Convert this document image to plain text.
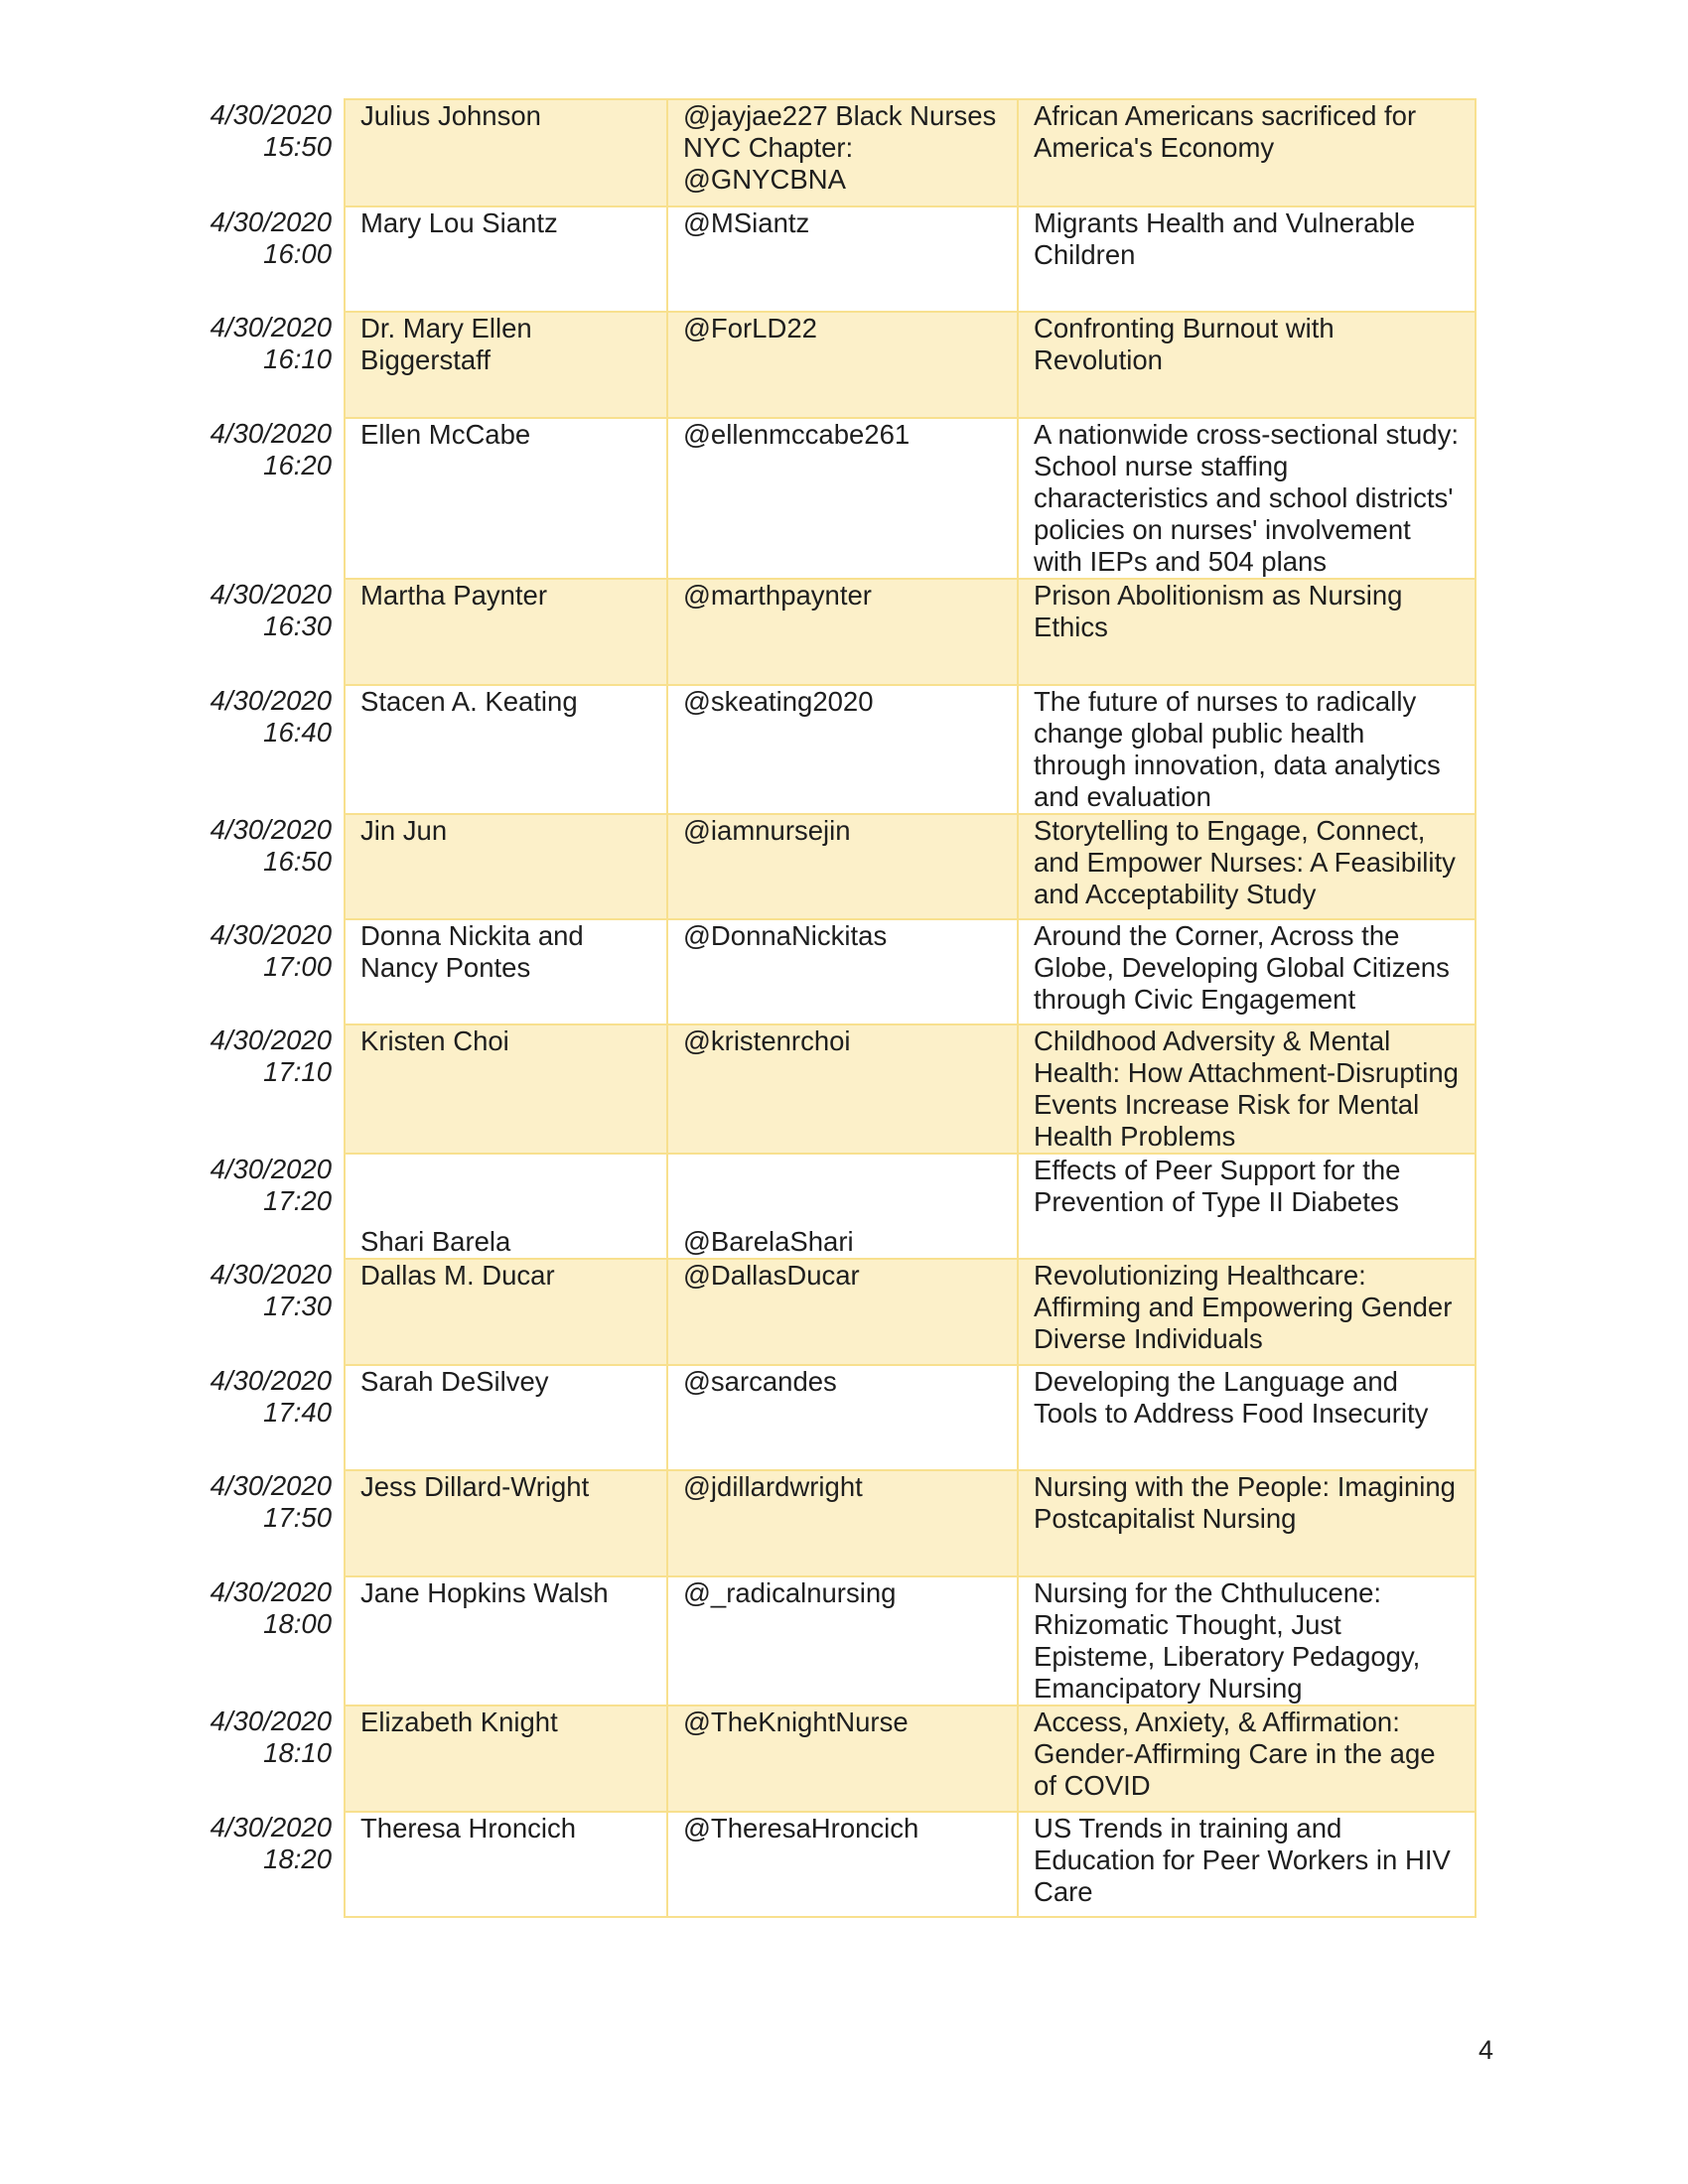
4/30/2020
15:50	Julius Johnson	@jayjae227 Black Nurses NYC Chapter: @GNYCBNA	African Americans sacrificed for America's Economy

4/30/2020
16:00	Mary Lou Siantz	@MSiantz	Migrants Health and Vulnerable Children

4/30/2020
16:10	Dr. Mary Ellen Biggerstaff	@ForLD22	Confronting Burnout with Revolution

4/30/2020
16:20	Ellen McCabe	@ellenmccabe261	A nationwide cross-sectional study: School nurse staffing characteristics and school districts' policies on nurses' involvement with IEPs and 504 plans

4/30/2020
16:30	Martha Paynter	@marthpaynter	Prison Abolitionism as Nursing Ethics

4/30/2020
16:40	Stacen A. Keating	@skeating2020	The future of nurses to radically change global public health through innovation, data analytics and evaluation

4/30/2020
16:50	Jin Jun	@iamnursejin	Storytelling to Engage, Connect, and Empower Nurses: A Feasibility and Acceptability Study

4/30/2020
17:00	Donna Nickita and Nancy Pontes	@DonnaNickitas	Around the Corner, Across the Globe, Developing Global Citizens through Civic Engagement

4/30/2020
17:10	Kristen Choi	@kristenrchoi	Childhood Adversity & Mental Health: How Attachment-Disrupting Events Increase Risk for Mental Health Problems

4/30/2020
17:20	Shari Barela	@BarelaShari	Effects of Peer Support for the Prevention of Type II Diabetes

4/30/2020
17:30	Dallas M. Ducar	@DallasDucar	Revolutionizing Healthcare: Affirming and Empowering Gender Diverse Individuals

4/30/2020
17:40	Sarah DeSilvey	@sarcandes	Developing the Language and Tools to Address Food Insecurity

4/30/2020
17:50	Jess Dillard-Wright	@jdillardwright	Nursing with the People: Imagining Postcapitalist Nursing

4/30/2020
18:00	Jane Hopkins Walsh	@_radicalnursing	Nursing for the Chthulucene: Rhizomatic Thought, Just Episteme, Liberatory Pedagogy, Emancipatory Nursing

4/30/2020
18:10	Elizabeth Knight	@TheKnightNurse	Access, Anxiety, & Affirmation: Gender-Affirming Care in the age of COVID

4/30/2020
18:20	Theresa Hroncich	@TheresaHroncich	US Trends in training and Education for Peer Workers in HIV Care
4
